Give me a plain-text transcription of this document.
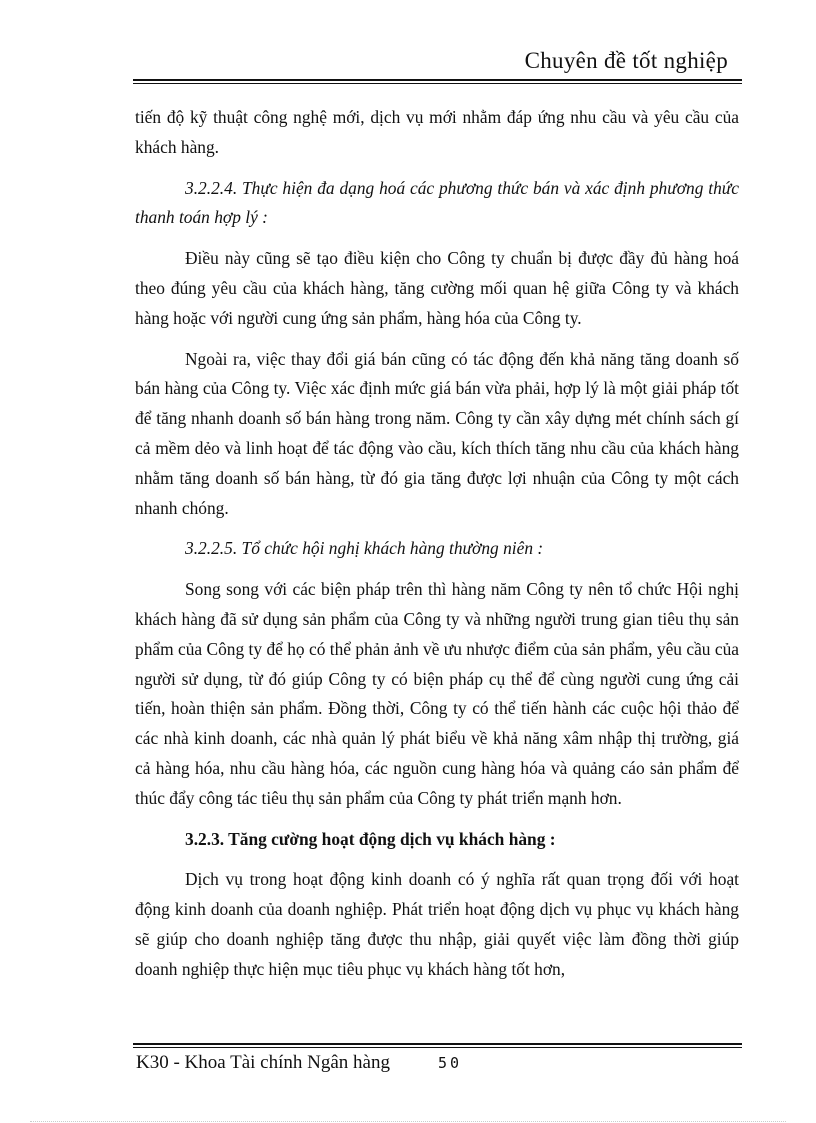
Chuyên đề tốt nghiệp

tiến độ kỹ thuật công nghệ mới, dịch vụ mới nhằm đáp ứng nhu cầu và yêu cầu của khách hàng.

3.2.2.4. Thực hiện đa dạng hoá các phương thức bán và xác định phương thức thanh toán hợp lý :

Điều này cũng sẽ tạo điều kiện cho Công ty chuẩn bị được đầy đủ hàng hoá theo đúng yêu cầu của khách hàng, tăng cường mối quan hệ giữa Công ty và khách hàng hoặc với người cung ứng sản phẩm, hàng hóa của Công ty.

Ngoài ra, việc thay đổi giá bán cũng có tác động đến khả năng tăng doanh số bán hàng của Công ty. Việc xác định mức giá bán vừa phải, hợp lý là một giải pháp tốt để tăng nhanh doanh số bán hàng trong năm. Công ty cần xây dựng mét chính sách gí cả mềm dẻo và linh hoạt để tác động vào cầu, kích thích tăng nhu cầu của khách hàng nhằm tăng doanh số bán hàng, từ đó gia tăng được lợi nhuận của Công ty một cách nhanh chóng.

3.2.2.5. Tổ chức hội nghị khách hàng thường niên :

Song song với các biện pháp trên thì hàng năm Công ty nên tổ chức Hội nghị khách hàng đã sử dụng sản phẩm của Công ty và những người trung gian tiêu thụ sản phẩm của Công ty để họ có thể phản ảnh về ưu nhược điểm của sản phẩm, yêu cầu của người sử dụng, từ đó giúp Công ty có biện pháp cụ thể để cùng người cung ứng cải tiến, hoàn thiện sản phẩm. Đồng thời, Công ty có thể tiến hành các cuộc hội thảo để các nhà kinh doanh, các nhà quản lý phát biểu về khả năng xâm nhập thị trường, giá cả hàng hóa, nhu cầu hàng hóa, các nguồn cung hàng hóa và quảng cáo sản phẩm để thúc đẩy công tác tiêu thụ sản phẩm của Công ty phát triển mạnh hơn.

3.2.3. Tăng cường hoạt động dịch vụ khách hàng :

Dịch vụ trong hoạt động kinh doanh có ý nghĩa rất quan trọng đối với hoạt động kinh doanh của doanh nghiệp. Phát triển hoạt động dịch vụ phục vụ khách hàng sẽ giúp cho doanh nghiệp tăng được thu nhập, giải quyết việc làm đồng thời giúp doanh nghiệp thực hiện mục tiêu phục vụ khách hàng tốt hơn,

K30 - Khoa Tài chính Ngân hàng	50
